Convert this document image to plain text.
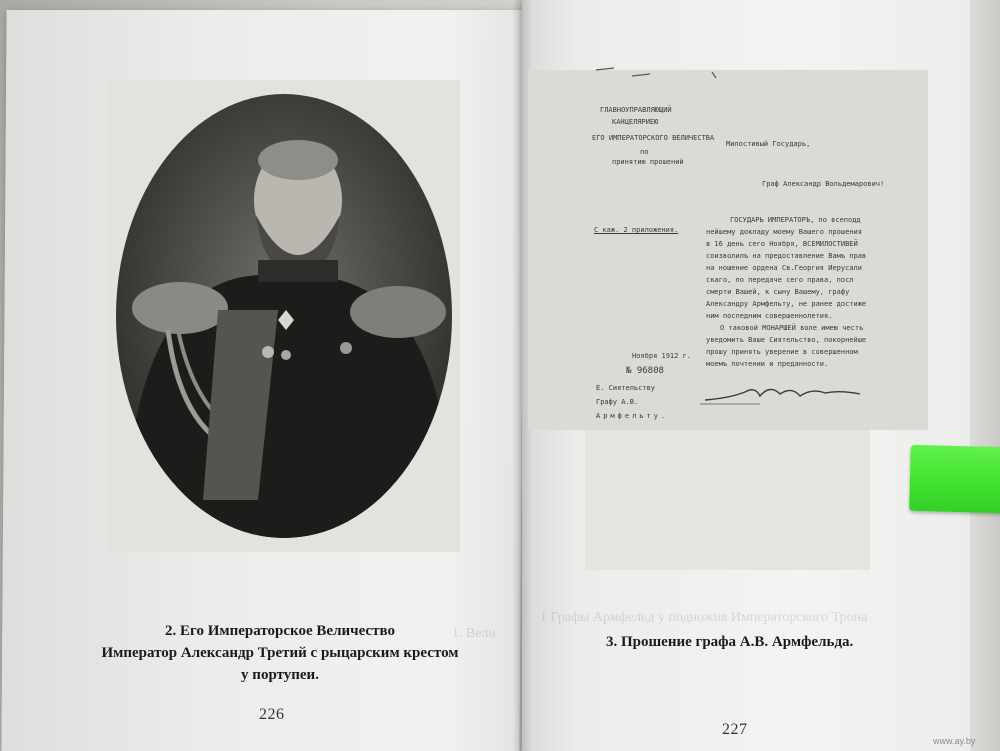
1. Вели
2. Его Императорское Величество
Император Александр Третий с рыцарским крестом
у портупеи.
226
ГЛАВНОУПРАВЛЯЮЩИЙ
КАНЦЕЛЯРИЕЮ
ЕГО ИМПЕРАТОРСКОГО ВЕЛИЧЕСТВА
по
принятию прошений
Милостивый Государь,
Граф Александр Вольдемарович!
С каж. 2 приложения.
ГОСУДАРЬ ИМПЕРАТОРЪ, по всеподд
нейшему докладу моему Вашего прошения
в 16 день сего Ноября, ВСЕМИЛОСТИВЕЙ
соизволилъ на предоставление Вамъ прав
на ношение ордена Св.Георгия Иерусали
скаго, по передаче сего права, посл
смерти Вашей, к сыну Вашему, графу
Александру Армфельту, не ранее достиже
ним последним совершеннолетия.
О таковой МОНАРШЕЙ воле имею честь
уведомить Ваше Сиятельство, покорнейше
прошу принять уверение в совершенном
моемъ почтении и преданности.
Ноября 1912 г.
№ 96808
Е. Сиятельству
Графу А.В.
Армфельту.
1 Графы Армфельд у подножия Императорского Трона
3. Прошение графа А.В. Армфельда.
227
www.ay.by
